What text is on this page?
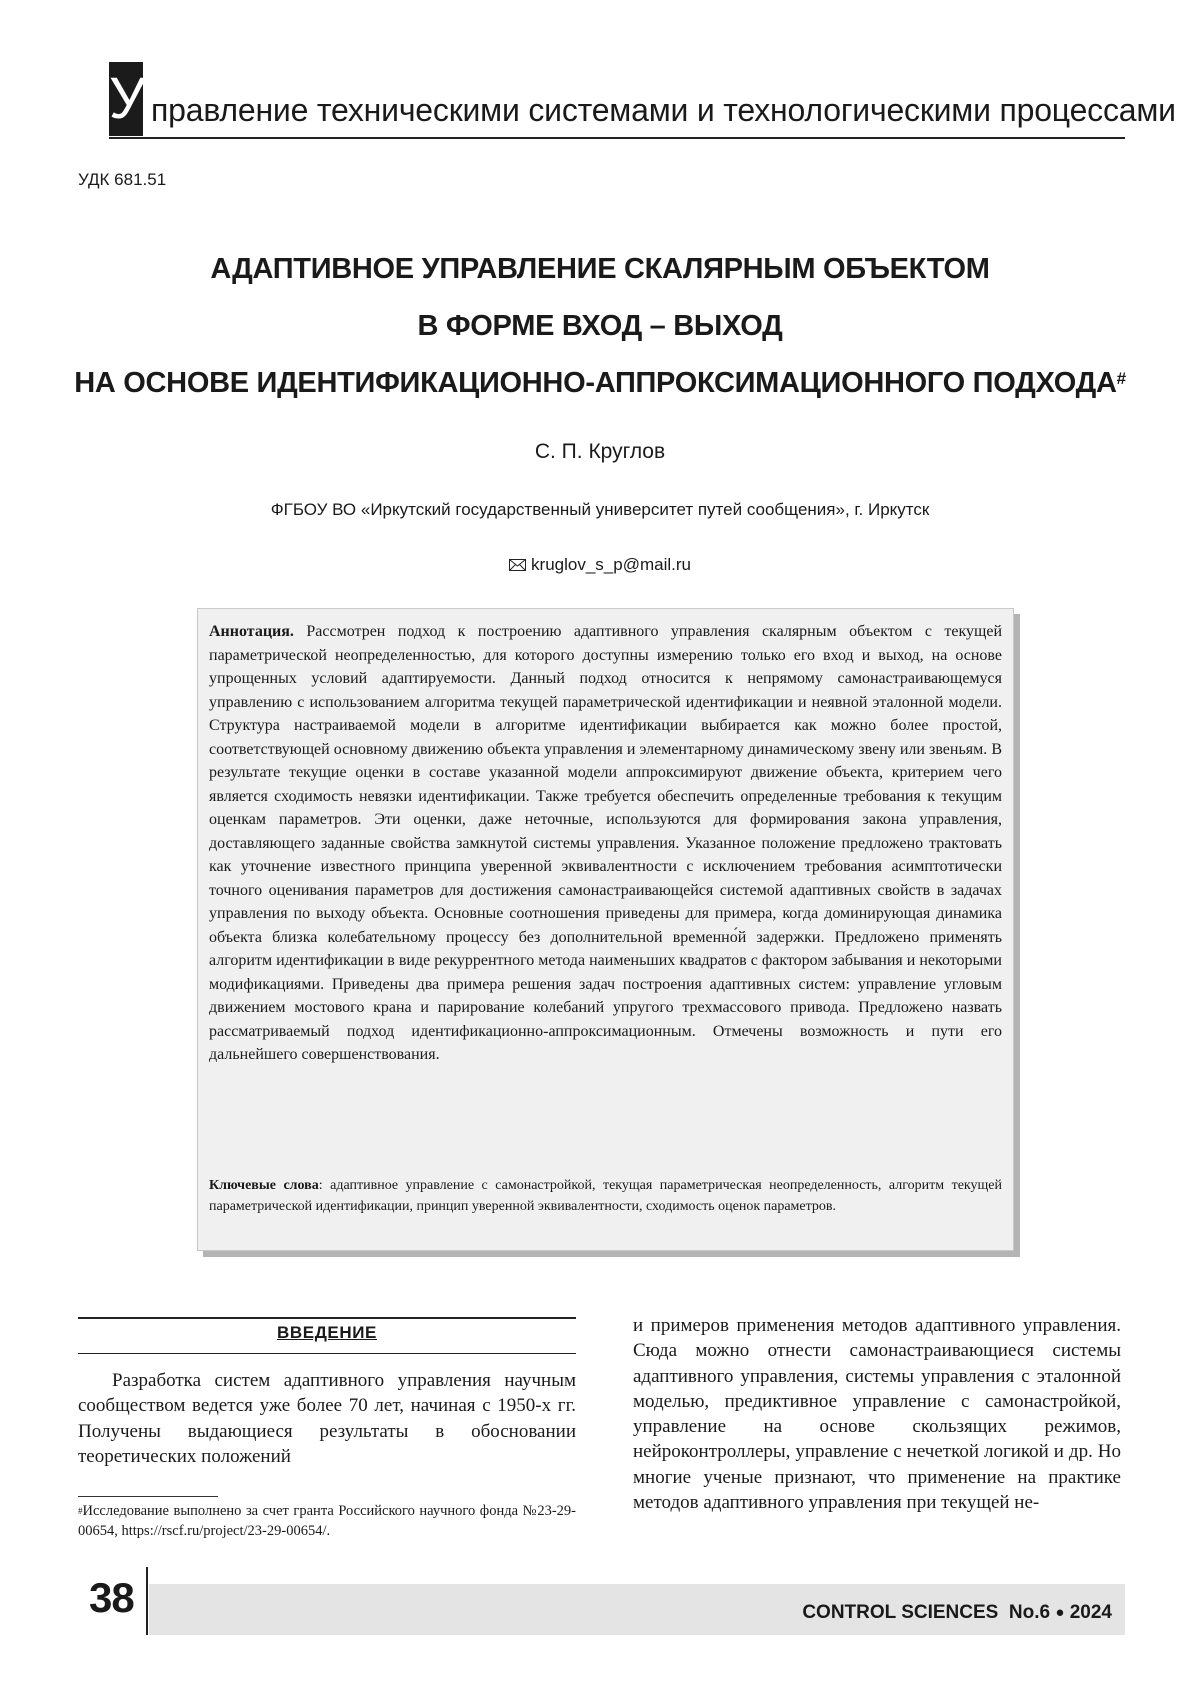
У правление техническими системами и технологическими процессами
УДК 681.51
АДАПТИВНОЕ УПРАВЛЕНИЕ СКАЛЯРНЫМ ОБЪЕКТОМ
В ФОРМЕ ВХОД – ВЫХОД
НА ОСНОВЕ ИДЕНТИФИКАЦИОННО-АППРОКСИМАЦИОННОГО ПОДХОДА#
С. П. Круглов
ФГБОУ ВО «Иркутский государственный университет путей сообщения», г. Иркутск
kruglov_s_p@mail.ru
Аннотация. Рассмотрен подход к построению адаптивного управления скалярным объектом с текущей параметрической неопределенностью, для которого доступны измерению только его вход и выход, на основе упрощенных условий адаптируемости. Данный подход относится к непрямому самонастраивающемуся управлению с использованием алгоритма текущей параметрической идентификации и неявной эталонной модели. Структура настраиваемой модели в алгоритме идентификации выбирается как можно более простой, соответствующей основному движению объекта управления и элементарному динамическому звену или звеньям. В результате текущие оценки в составе указанной модели аппроксимируют движение объекта, критерием чего является сходимость невязки идентификации. Также требуется обеспечить определенные требования к текущим оценкам параметров. Эти оценки, даже неточные, используются для формирования закона управления, доставляющего заданные свойства замкнутой системы управления. Указанное положение предложено трактовать как уточнение известного принципа уверенной эквивалентности с исключением требования асимптотически точного оценивания параметров для достижения самонастраивающейся системой адаптивных свойств в задачах управления по выходу объекта. Основные соотношения приведены для примера, когда доминирующая динамика объекта близка колебательному процессу без дополнительной временно́й задержки. Предложено применять алгоритм идентификации в виде рекуррентного метода наименьших квадратов с фактором забывания и некоторыми модификациями. Приведены два примера решения задач построения адаптивных систем: управление угловым движением мостового крана и парирование колебаний упругого трехмассового привода. Предложено назвать рассматриваемый подход идентификационно-аппроксимационным. Отмечены возможность и пути его дальнейшего совершенствования.
Ключевые слова: адаптивное управление с самонастройкой, текущая параметрическая неопределенность, алгоритм текущей параметрической идентификации, принцип уверенной эквивалентности, сходимость оценок параметров.
ВВЕДЕНИЕ
Разработка систем адаптивного управления научным сообществом ведется уже более 70 лет, начиная с 1950-х гг. Получены выдающиеся результаты в обосновании теоретических положений
и примеров применения методов адаптивного управления. Сюда можно отнести самонастраивающиеся системы адаптивного управления, системы управления с эталонной моделью, предиктивное управление с самонастройкой, управление на основе скользящих режимов, нейроконтроллеры, управление с нечеткой логикой и др. Но многие ученые признают, что применение на практике методов адаптивного управления при текущей не-
#Исследование выполнено за счет гранта Российского научного фонда №23-29-00654, https://rscf.ru/project/23-29-00654/.
38	CONTROL SCIENCES No.6 ● 2024
